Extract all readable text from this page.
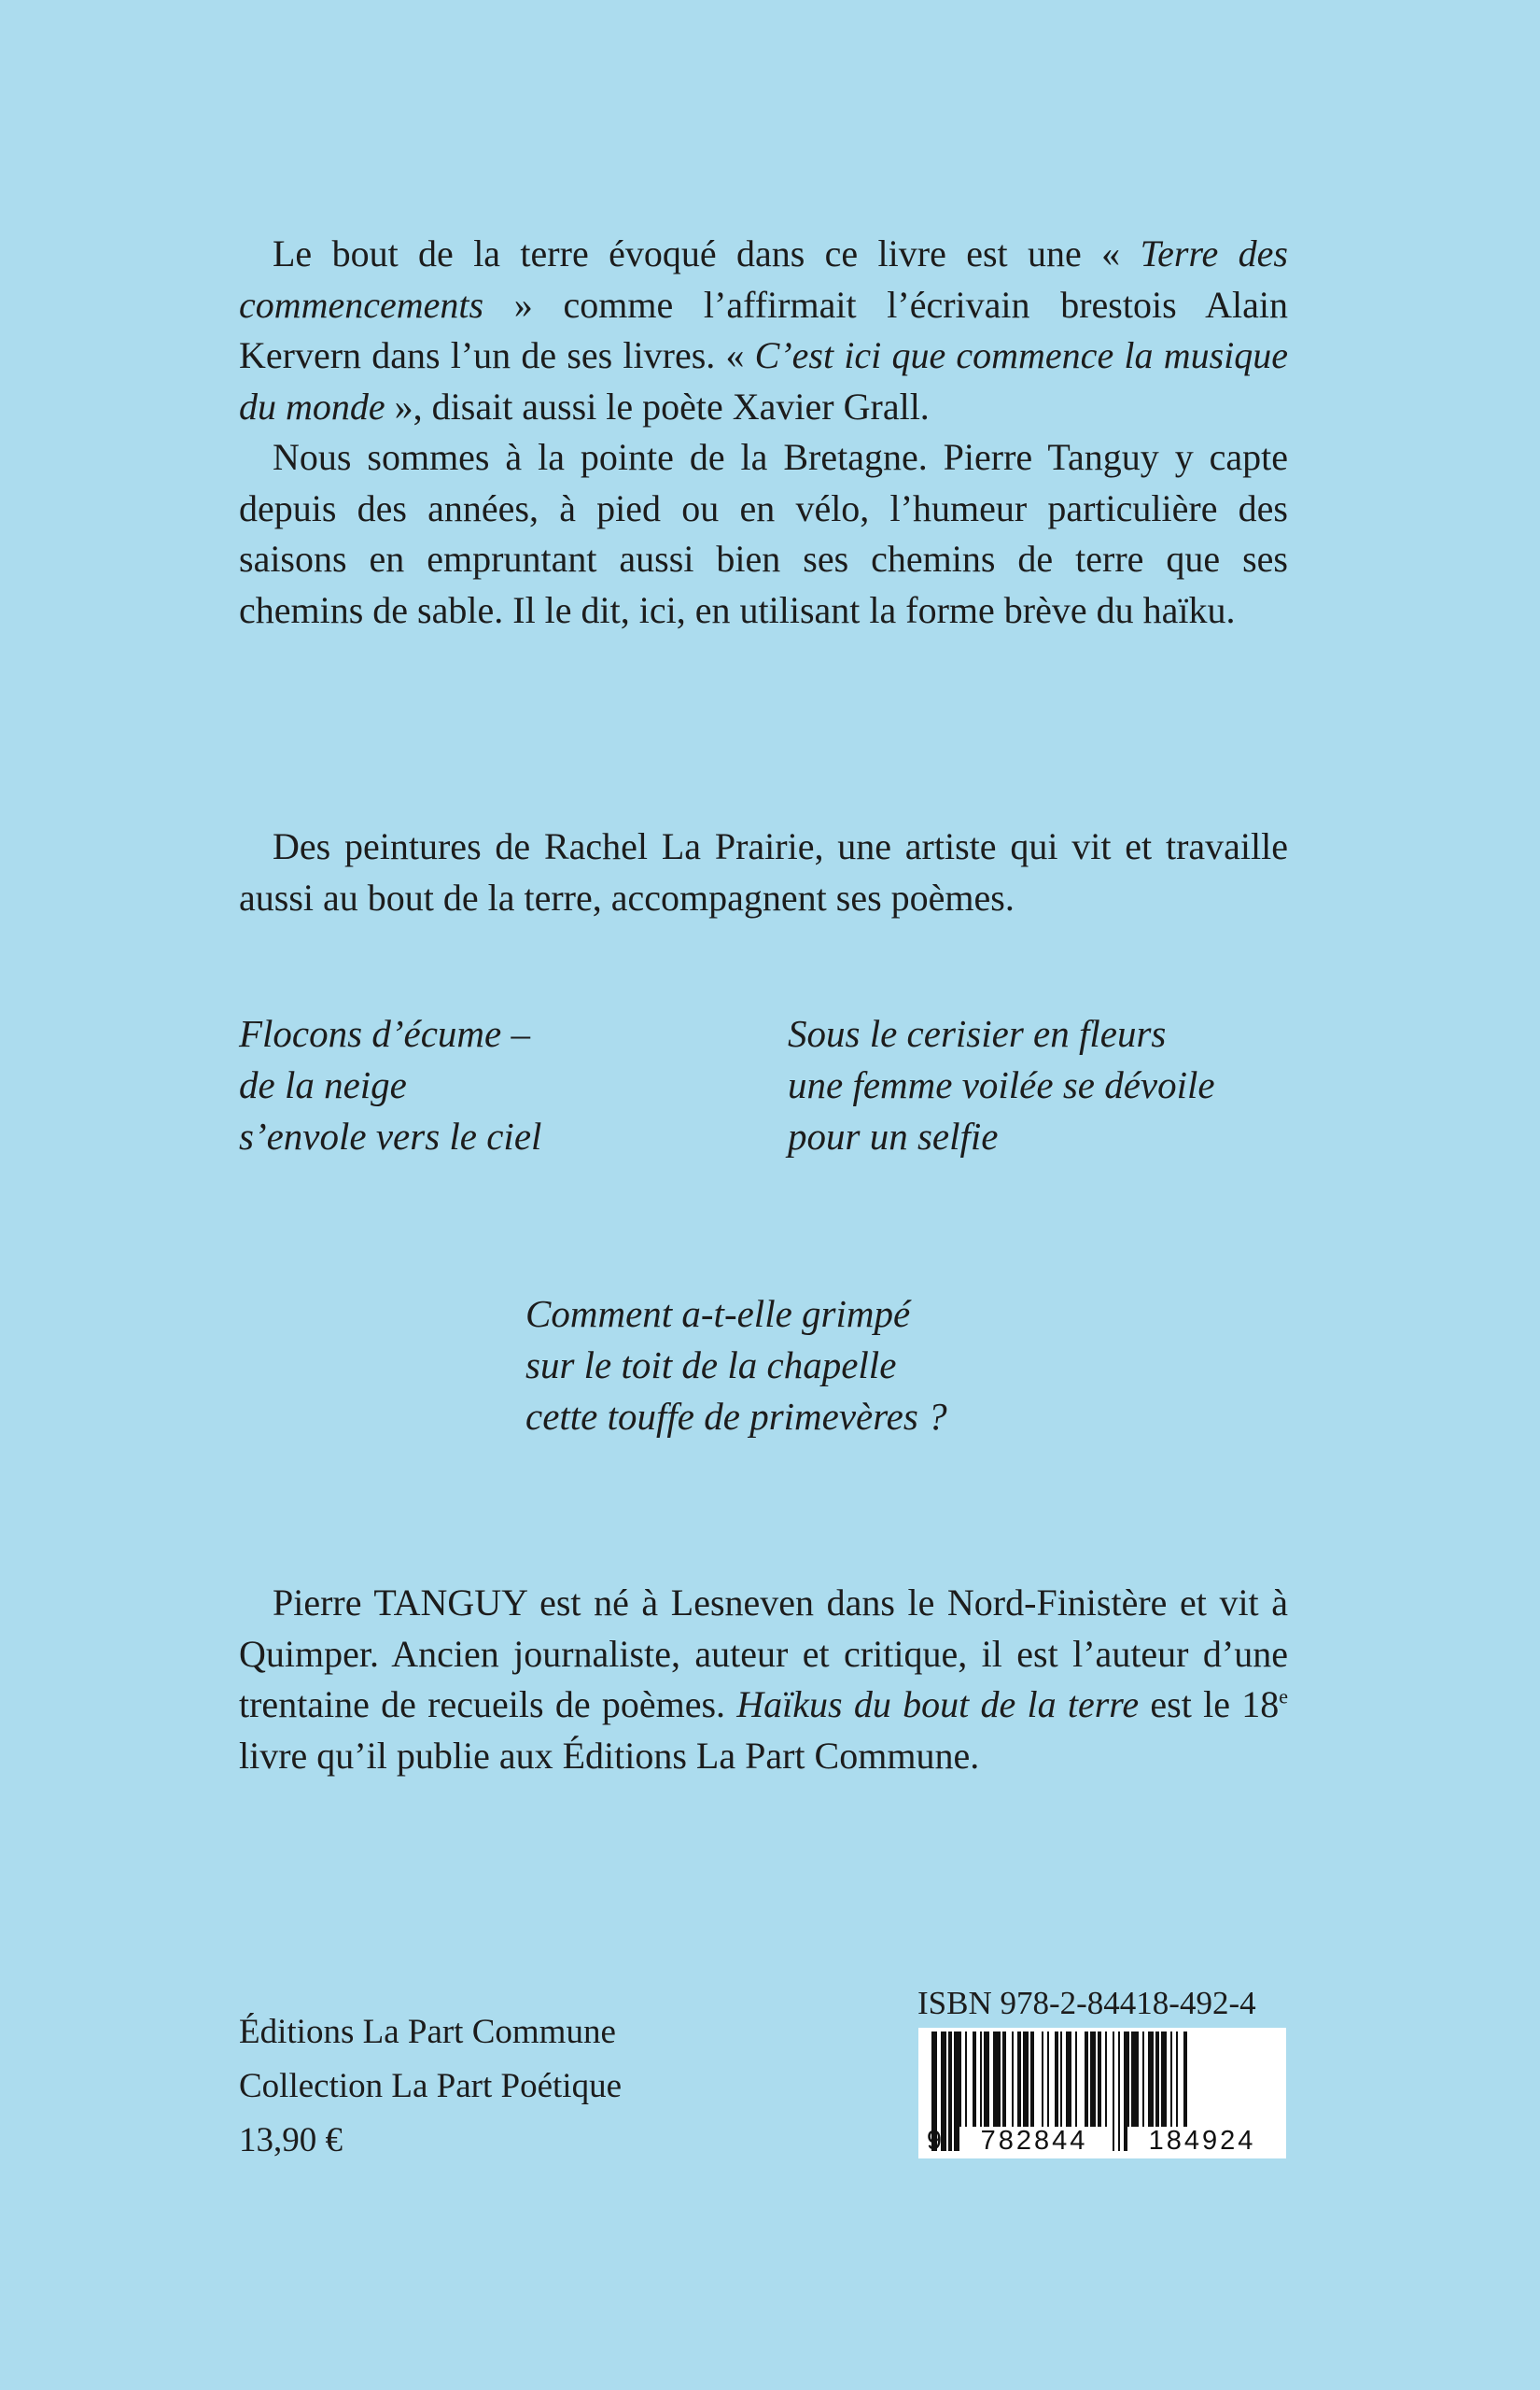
Le bout de la terre évoqué dans ce livre est une « Terre des commencements » comme l’affirmait l’écrivain brestois Alain Kervern dans l’un de ses livres. « C’est ici que commence la musique du monde », disait aussi le poète Xavier Grall.

Nous sommes à la pointe de la Bretagne. Pierre Tanguy y capte depuis des années, à pied ou en vélo, l’humeur particulière des saisons en empruntant aussi bien ses chemins de terre que ses chemins de sable. Il le dit, ici, en utilisant la forme brève du haïku.

Des peintures de Rachel La Prairie, une artiste qui vit et travaille aussi au bout de la terre, accompagnent ses poèmes.

Flocons d’écume –
de la neige
s’envole vers le ciel
Sous le cerisier en fleurs
une femme voilée se dévoile
pour un selfie
Comment a-t-elle grimpé
sur le toit de la chapelle
cette touffe de primevères ?

Pierre TANGUY est né à Lesneven dans le Nord-Finistère et vit à Quimper. Ancien journaliste, auteur et critique, il est l’auteur d’une trentaine de recueils de poèmes. Haïkus du bout de la terre est le 18e livre qu’il publie aux Éditions La Part Commune.

Éditions La Part Commune
Collection La Part Poétique
13,90 €
ISBN 978-2-84418-492-4
9	782844	184924
